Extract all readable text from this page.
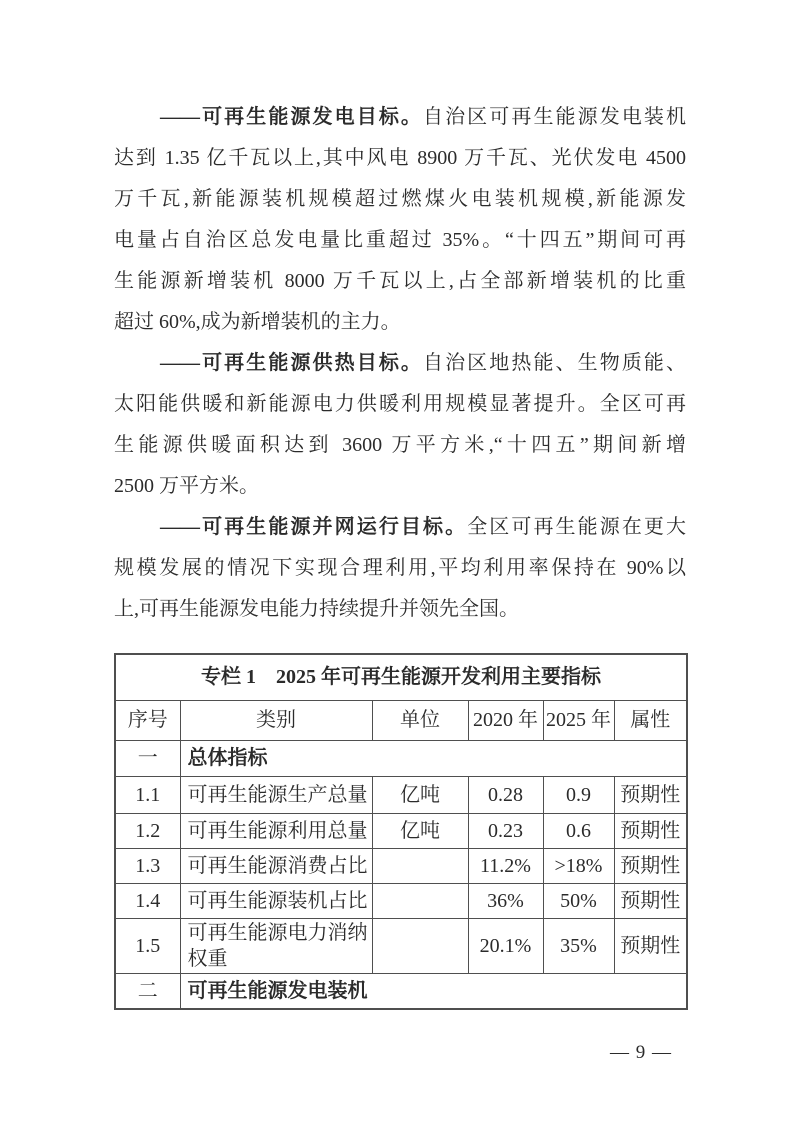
——可再生能源发电目标。自治区可再生能源发电装机
达到 1.35 亿千瓦以上,其中风电 8900 万千瓦、光伏发电 4500
万千瓦,新能源装机规模超过燃煤火电装机规模,新能源发
电量占自治区总发电量比重超过 35%。“十四五”期间可再
生能源新增装机 8000 万千瓦以上,占全部新增装机的比重
超过 60%,成为新增装机的主力。
——可再生能源供热目标。自治区地热能、生物质能、
太阳能供暖和新能源电力供暖利用规模显著提升。全区可再
生能源供暖面积达到 3600 万平方米,“十四五”期间新增
2500 万平方米。
——可再生能源并网运行目标。全区可再生能源在更大
规模发展的情况下实现合理利用,平均利用率保持在 90%以
上,可再生能源发电能力持续提升并领先全国。
专栏 1　2025 年可再生能源开发利用主要指标					
序号	类别	单位	2020 年	2025 年	属性
一	总体指标				
1.1	可再生能源生产总量	亿吨	0.28	0.9	预期性
1.2	可再生能源利用总量	亿吨	0.23	0.6	预期性
1.3	可再生能源消费占比		11.2%	>18%	预期性
1.4	可再生能源装机占比		36%	50%	预期性
1.5	可再生能源电力消纳权重		20.1%	35%	预期性
二	可再生能源发电装机				
— 9 —
